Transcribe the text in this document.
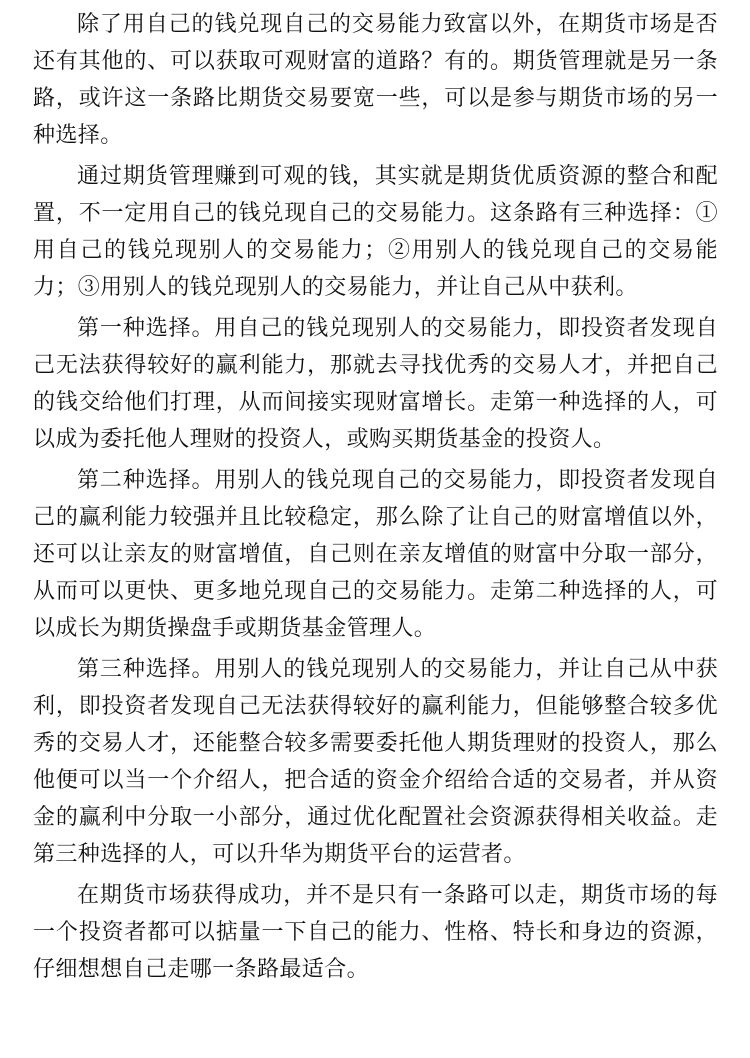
除了用自己的钱兑现自己的交易能力致富以外，在期货市场是否还有其他的、可以获取可观财富的道路？有的。期货管理就是另一条路，或许这一条路比期货交易要宽一些，可以是参与期货市场的另一种选择。

通过期货管理赚到可观的钱，其实就是期货优质资源的整合和配置，不一定用自己的钱兑现自己的交易能力。这条路有三种选择：①用自己的钱兑现别人的交易能力；②用别人的钱兑现自己的交易能力；③用别人的钱兑现别人的交易能力，并让自己从中获利。

第一种选择。用自己的钱兑现别人的交易能力，即投资者发现自己无法获得较好的赢利能力，那就去寻找优秀的交易人才，并把自己的钱交给他们打理，从而间接实现财富增长。走第一种选择的人，可以成为委托他人理财的投资人，或购买期货基金的投资人。

第二种选择。用别人的钱兑现自己的交易能力，即投资者发现自己的赢利能力较强并且比较稳定，那么除了让自己的财富增值以外，还可以让亲友的财富增值，自己则在亲友增值的财富中分取一部分，从而可以更快、更多地兑现自己的交易能力。走第二种选择的人，可以成长为期货操盘手或期货基金管理人。

第三种选择。用别人的钱兑现别人的交易能力，并让自己从中获利，即投资者发现自己无法获得较好的赢利能力，但能够整合较多优秀的交易人才，还能整合较多需要委托他人期货理财的投资人，那么他便可以当一个介绍人，把合适的资金介绍给合适的交易者，并从资金的赢利中分取一小部分，通过优化配置社会资源获得相关收益。走第三种选择的人，可以升华为期货平台的运营者。

在期货市场获得成功，并不是只有一条路可以走，期货市场的每一个投资者都可以掂量一下自己的能力、性格、特长和身边的资源，仔细想想自己走哪一条路最适合。
